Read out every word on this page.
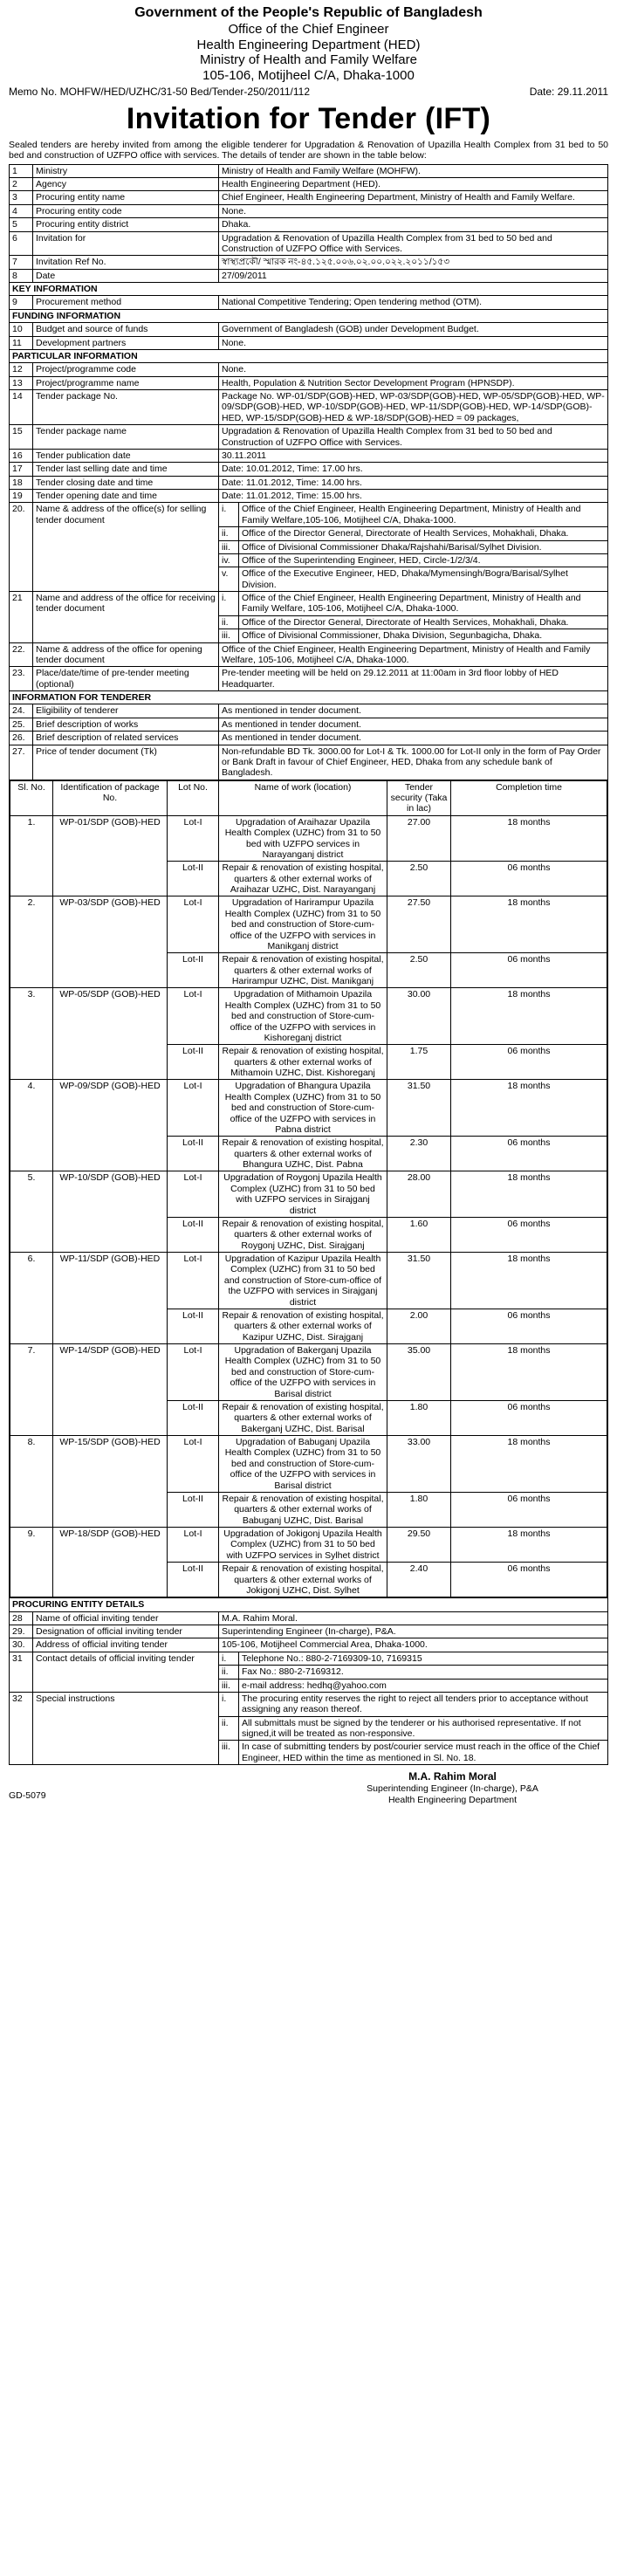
Government of the People's Republic of Bangladesh
Office of the Chief Engineer
Health Engineering Department (HED)
Ministry of Health and Family Welfare
105-106, Motijheel C/A, Dhaka-1000
Memo No. MOHFW/HED/UZHC/31-50 Bed/Tender-250/2011/112	Date: 29.11.2011
Invitation for Tender (IFT)
Sealed tenders are hereby invited from among the eligible tenderer for Upgradation & Renovation of Upazilla Health Complex from 31 bed to 50 bed and construction of UZFPO office with services. The details of tender are shown in the table below:
1	Ministry	Ministry of Health and Family Welfare (MOHFW).
2	Agency	Health Engineering Department (HED).
3	Procuring entity name	Chief Engineer, Health Engineering Department, Ministry of Health and Family Welfare.
4	Procuring entity code	None.
5	Procuring entity district	Dhaka.
6	Invitation for	Upgradation & Renovation of Upazilla Health Complex from 31 bed to 50 bed and Construction of UZFPO Office with Services.
7	Invitation Ref No.	স্বাস্থ্যপ্রকৌ/ স্মারক নং-৪৫.১২৫.০০৬.০২.০০.০২২.২০১১/১৫৩
8	Date	27/09/2011
KEY INFORMATION
9	Procurement method	National Competitive Tendering; Open tendering method (OTM).
FUNDING INFORMATION
10	Budget and source of funds	Government of Bangladesh (GOB) under Development Budget.
11	Development partners	None.
PARTICULAR INFORMATION
12	Project/programme code	None.
13	Project/programme name	Health, Population & Nutrition Sector Development Program (HPNSDP).
14	Tender package No.	Package No. WP-01/SDP(GOB)-HED, WP-03/SDP(GOB)-HED, WP-05/SDP(GOB)-HED, WP-09/SDP(GOB)-HED, WP-10/SDP(GOB)-HED, WP-11/SDP(GOB)-HED, WP-14/SDP(GOB)-HED, WP-15/SDP(GOB)-HED & WP-18/SDP(GOB)-HED = 09 packages,
15	Tender package name	Upgradation & Renovation of Upazilla Health Complex from 31 bed to 50 bed and Construction of UZFPO Office with Services.
16	Tender publication date	30.11.2011
17	Tender last selling date and time	Date: 10.01.2012, Time: 17.00 hrs.
18	Tender closing date and time	Date: 11.01.2012, Time: 14.00 hrs.
19	Tender opening date and time	Date: 11.01.2012, Time: 15.00 hrs.
20.	Name & address of the office(s) for selling tender document	
i.	Office of the Chief Engineer, Health Engineering Department, Ministry of Health and Family Welfare,105-106, Motijheel C/A, Dhaka-1000.
ii.	Office of the Director General, Directorate of Health Services, Mohakhali, Dhaka.
iii.	Office of Divisional Commissioner Dhaka/Rajshahi/Barisal/Sylhet Division.
iv.	Office of the Superintending Engineer, HED, Circle-1/2/3/4.
v.	Office of the Executive Engineer, HED, Dhaka/Mymensingh/Bogra/Barisal/Sylhet Division.

21	Name and address of the office for receiving tender document	
i.	Office of the Chief Engineer, Health Engineering Department, Ministry of Health and Family Welfare, 105-106, Motijheel C/A, Dhaka-1000.
ii.	Office of the Director General, Directorate of Health Services, Mohakhali, Dhaka.
iii.	Office of Divisional Commissioner, Dhaka Division, Segunbagicha, Dhaka.

22.	Name & address of the office for opening tender document	Office of the Chief Engineer, Health Engineering Department, Ministry of Health and Family Welfare, 105-106, Motijheel C/A, Dhaka-1000.
23.	Place/date/time of pre-tender meeting (optional)	Pre-tender meeting will be held on 29.12.2011 at 11:00am in 3rd floor lobby of HED Headquarter.
INFORMATION FOR TENDERER
24.	Eligibility of tenderer	As mentioned in tender document.
25.	Brief description of works	As mentioned in tender document.
26.	Brief description of related services	As mentioned in tender document.
27.	Price of tender document (Tk)	Non-refundable BD Tk. 3000.00 for Lot-I & Tk. 1000.00 for Lot-II only in the form of Pay Order or Bank Draft in favour of Chief Engineer, HED, Dhaka from any schedule bank of Bangladesh.

Sl. No.	Identification of package No.	Lot No.	Name of work (location)	Tender security (Taka in lac)	Completion time
1.	WP-01/SDP (GOB)-HED	Lot-I	Upgradation of Araihazar Upazila Health Complex (UZHC) from 31 to 50 bed with UZFPO services in Narayanganj district	27.00	18 months
Lot-II	Repair & renovation of existing hospital, quarters & other external works of Araihazar UZHC, Dist. Narayanganj	2.50	06 months
2.	WP-03/SDP (GOB)-HED	Lot-I	Upgradation of Harirampur Upazila Health Complex (UZHC) from 31 to 50 bed and construction of Store-cum-office of the UZFPO with services in Manikganj district	27.50	18 months
Lot-II	Repair & renovation of existing hospital, quarters & other external works of Harirampur UZHC, Dist. Manikganj	2.50	06 months
3.	WP-05/SDP (GOB)-HED	Lot-I	Upgradation of Mithamoin Upazila Health Complex (UZHC) from 31 to 50 bed and construction of Store-cum-office of the UZFPO with services in Kishoreganj district	30.00	18 months
Lot-II	Repair & renovation of existing hospital, quarters & other external works of Mithamoin UZHC, Dist. Kishoreganj	1.75	06 months
4.	WP-09/SDP (GOB)-HED	Lot-I	Upgradation of Bhangura Upazila Health Complex (UZHC) from 31 to 50 bed and construction of Store-cum-office of the UZFPO with services in Pabna district	31.50	18 months
Lot-II	Repair & renovation of existing hospital, quarters & other external works of Bhangura UZHC, Dist. Pabna	2.30	06 months
5.	WP-10/SDP (GOB)-HED	Lot-I	Upgradation of Roygonj Upazila Health Complex (UZHC) from 31 to 50 bed with UZFPO services in Sirajganj district	28.00	18 months
Lot-II	Repair & renovation of existing hospital, quarters & other external works of Roygonj UZHC, Dist. Sirajganj	1.60	06 months
6.	WP-11/SDP (GOB)-HED	Lot-I	Upgradation of Kazipur Upazila Health Complex (UZHC) from 31 to 50 bed and construction of Store-cum-office of the UZFPO with services in Sirajganj district	31.50	18 months
Lot-II	Repair & renovation of existing hospital, quarters & other external works of Kazipur UZHC, Dist. Sirajganj	2.00	06 months
7.	WP-14/SDP (GOB)-HED	Lot-I	Upgradation of Bakerganj Upazila Health Complex (UZHC) from 31 to 50 bed and construction of Store-cum-office of the UZFPO with services in Barisal district	35.00	18 months
Lot-II	Repair & renovation of existing hospital, quarters & other external works of Bakerganj UZHC, Dist. Barisal	1.80	06 months
8.	WP-15/SDP (GOB)-HED	Lot-I	Upgradation of Babuganj Upazila Health Complex (UZHC) from 31 to 50 bed and construction of Store-cum-office of the UZFPO with services in Barisal district	33.00	18 months
Lot-II	Repair & renovation of existing hospital, quarters & other external works of Babuganj UZHC, Dist. Barisal	1.80	06 months
9.	WP-18/SDP (GOB)-HED	Lot-I	Upgradation of Jokigonj Upazila Health Complex (UZHC) from 31 to 50 bed with UZFPO services in Sylhet district	29.50	18 months
Lot-II	Repair & renovation of existing hospital, quarters & other external works of Jokigonj UZHC, Dist. Sylhet	2.40	06 months

PROCURING ENTITY DETAILS
28	Name of official inviting tender	M.A. Rahim Moral.
29.	Designation of official inviting tender	Superintending Engineer (In-charge), P&A.
30.	Address of official inviting tender	105-106, Motijheel Commercial Area, Dhaka-1000.
31	Contact details of official inviting tender		i.	Telephone No.: 880-2-7169309-10, 7169315
ii.	Fax No.: 880-2-7169312.
iii.	e-mail address: hedhq@yahoo.com

32	Special instructions		i.	The procuring entity reserves the right to reject all tenders prior to acceptance without assigning any reason thereof.
ii.	All submittals must be signed by the tenderer or his authorised representative. If not signed,it will be treated as non-responsive.
iii.	In case of submitting tenders by post/courier service must reach in the office of the Chief Engineer, HED within the time as mentioned in Sl. No. 18.
M.A. Rahim Moral
Superintending Engineer (In-charge), P&A
Health Engineering Department
GD-5079
